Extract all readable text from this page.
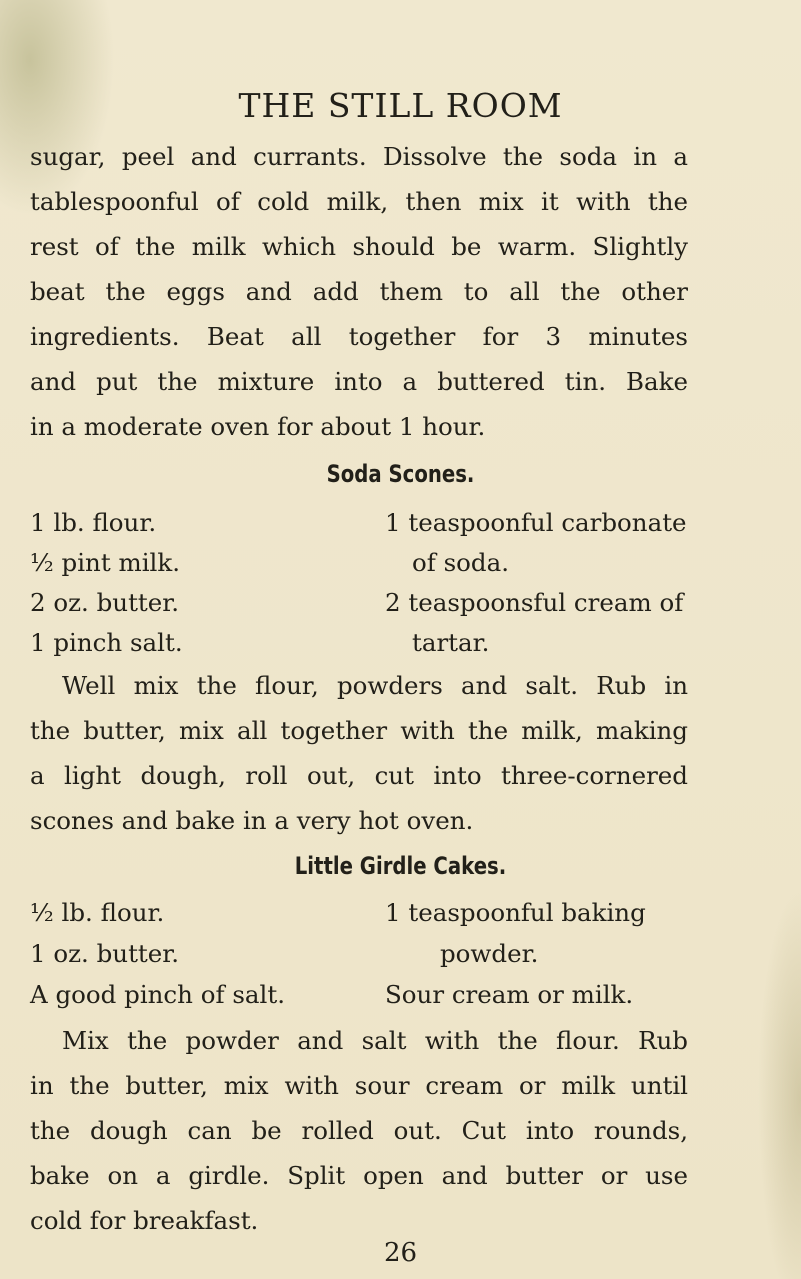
THE STILL ROOM
sugar, peel and currants. Dissolve the soda in a
tablespoonful of cold milk, then mix it with the
rest of the milk which should be warm. Slightly
beat the eggs and add them to all the other
ingredients. Beat all together for 3 minutes
and put the mixture into a buttered tin. Bake
in a moderate oven for about 1 hour.
Soda Scones.
1 lb. flour.
½ pint milk.
2 oz. butter.
1 pinch salt.
1 teaspoonful carbonate
of soda.
2 teaspoonsful cream of
tartar.
Well mix the flour, powders and salt. Rub in
the butter, mix all together with the milk, making
a light dough, roll out, cut into three-cornered
scones and bake in a very hot oven.
Little Girdle Cakes.
½ lb. flour.
1 oz. butter.
A good pinch of salt.
1 teaspoonful baking
powder.
Sour cream or milk.
Mix the powder and salt with the flour. Rub
in the butter, mix with sour cream or milk until
the dough can be rolled out. Cut into rounds,
bake on a girdle. Split open and butter or use
cold for breakfast.
26
